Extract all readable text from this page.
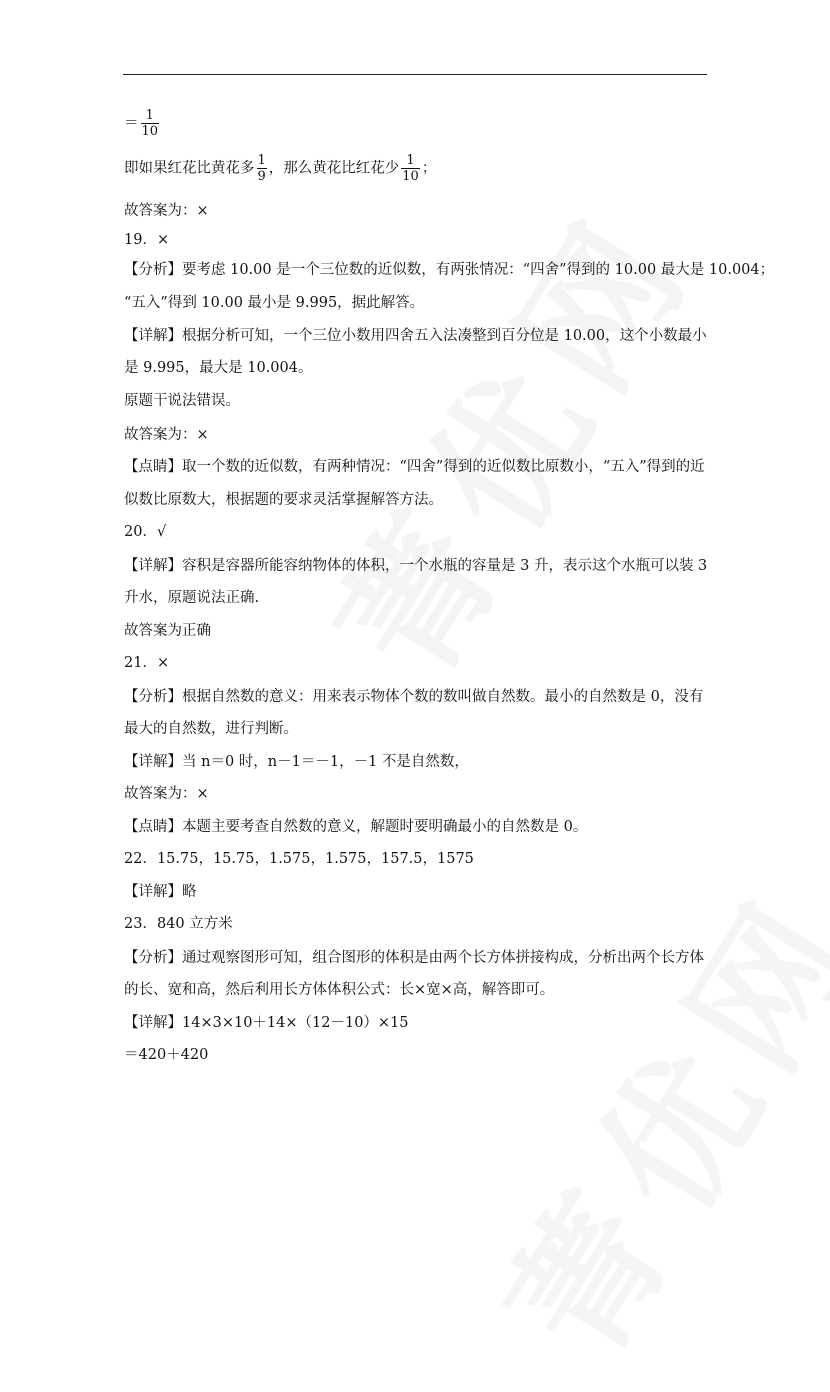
＝ $\frac{1}{10}$
即如果红花比黄花多 $\frac{1}{9}$ ，那么黄花比红花少 $\frac{1}{10}$ ；
故答案为：×
19．×
【分析】要考虑 10.00 是一个三位数的近似数，有两张情况：“四舍”得到的 10.00 最大是 10.004；
“五入”得到 10.00 最小是 9.995，据此解答。
【详解】根据分析可知，一个三位小数用四舍五入法凑整到百分位是 10.00，这个小数最小
是 9.995，最大是 10.004。
原题干说法错误。
故答案为：×
【点睛】取一个数的近似数，有两种情况：“四舍”得到的近似数比原数小，“五入”得到的近
似数比原数大，根据题的要求灵活掌握解答方法。
20．√
【详解】容积是容器所能容纳物体的体积，一个水瓶的容量是 3 升，表示这个水瓶可以装 3
升水，原题说法正确.
故答案为正确
21．×
【分析】根据自然数的意义：用来表示物体个数的数叫做自然数。最小的自然数是 0，没有
最大的自然数，进行判断。
【详解】当 n＝0 时，n－1＝－1，－1 不是自然数，
故答案为：×
【点睛】本题主要考查自然数的意义，解题时要明确最小的自然数是 0。
22．15.75，15.75，1.575，1.575，157.5，1575
【详解】略
23．840 立方米
【分析】通过观察图形可知，组合图形的体积是由两个长方体拼接构成，分析出两个长方体
的长、宽和高，然后利用长方体体积公式：长×宽×高，解答即可。
【详解】14×3×10＋14×（12－10）×15
＝420＋420
